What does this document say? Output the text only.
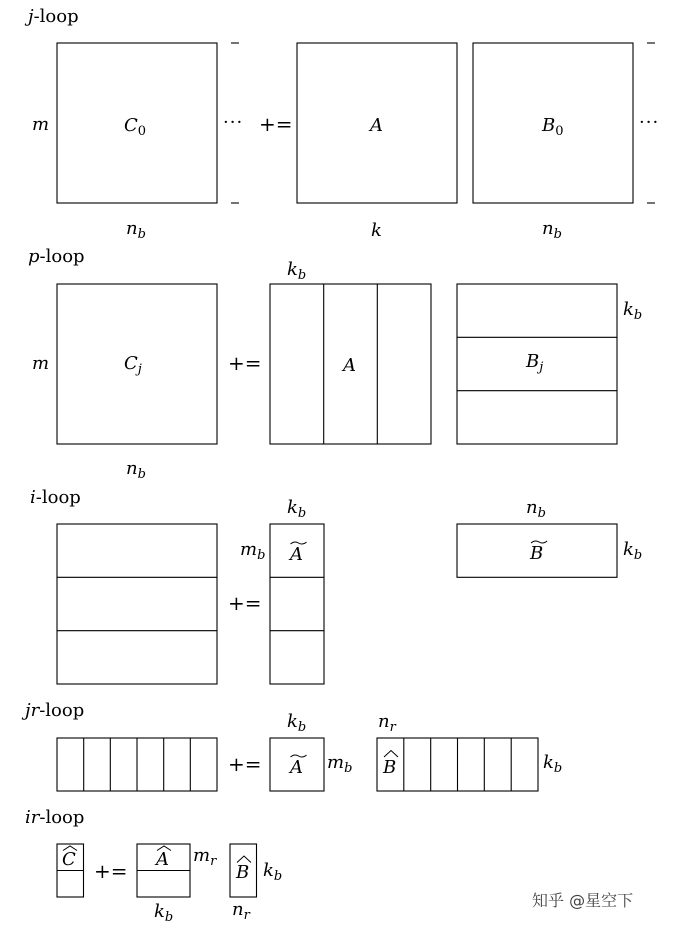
j-loop
$C_0$
m
$n_b$
··· +=	A
k
$B_0$
$n_b$
···
p-loop
$C_j$
m
$n_b$
+=
$k_b$
A	$B_j$
$k_b$
i-loop
+=
$k_b$
$m_b$ A
$n_b$
B	$k_b$
jr-loop
+=
$k_b$
A $m_b$
$n_r$
B	$k_b$
ir-loop
C += A $m_r$
$k_b$
B $k_b$
$n_r$
知乎 @星空下
